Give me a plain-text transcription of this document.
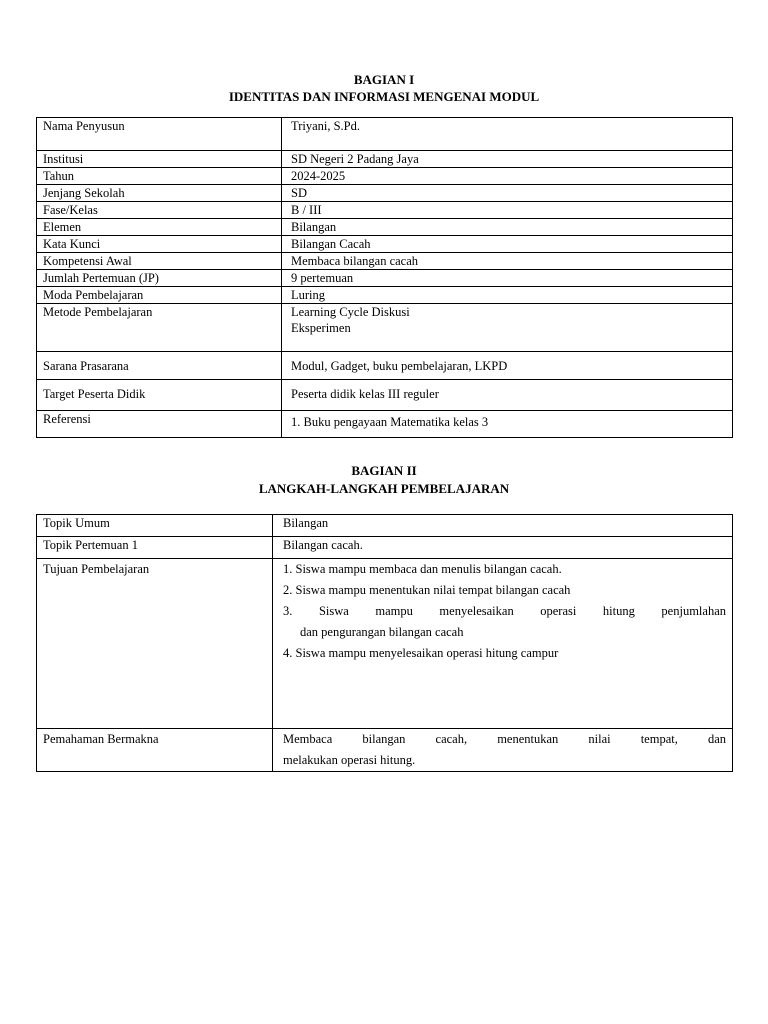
BAGIAN I
IDENTITAS DAN INFORMASI MENGENAI MODUL
Nama Penyusun	Triyani, S.Pd.
Institusi	SD Negeri 2 Padang Jaya
Tahun	2024-2025
Jenjang Sekolah	SD
Fase/Kelas	B / III
Elemen	Bilangan
Kata Kunci	Bilangan Cacah
Kompetensi Awal	Membaca bilangan cacah
Jumlah Pertemuan (JP)	9 pertemuan
Moda Pembelajaran	Luring
Metode Pembelajaran	Learning Cycle Diskusi
Eksperimen

Sarana Prasarana	Modul, Gadget, buku pembelajaran, LKPD
Target Peserta Didik	Peserta didik kelas III reguler
Referensi	1. Buku pengayaan Matematika kelas 3
BAGIAN II
LANGKAH-LANGKAH PEMBELAJARAN
Topik Umum	Bilangan
Topik Pertemuan 1	Bilangan cacah.
Tujuan Pembelajaran	1. Siswa mampu membaca dan menulis bilangan cacah.
2. Siswa mampu menentukan nilai tempat bilangan cacah
3. Siswa mampu menyelesaikan operasi hitung penjumlahan
dan pengurangan bilangan cacah
4. Siswa mampu menyelesaikan operasi hitung campur

Pemahaman Bermakna	Membaca bilangan cacah, menentukan nilai tempat, dan
melakukan operasi hitung.
